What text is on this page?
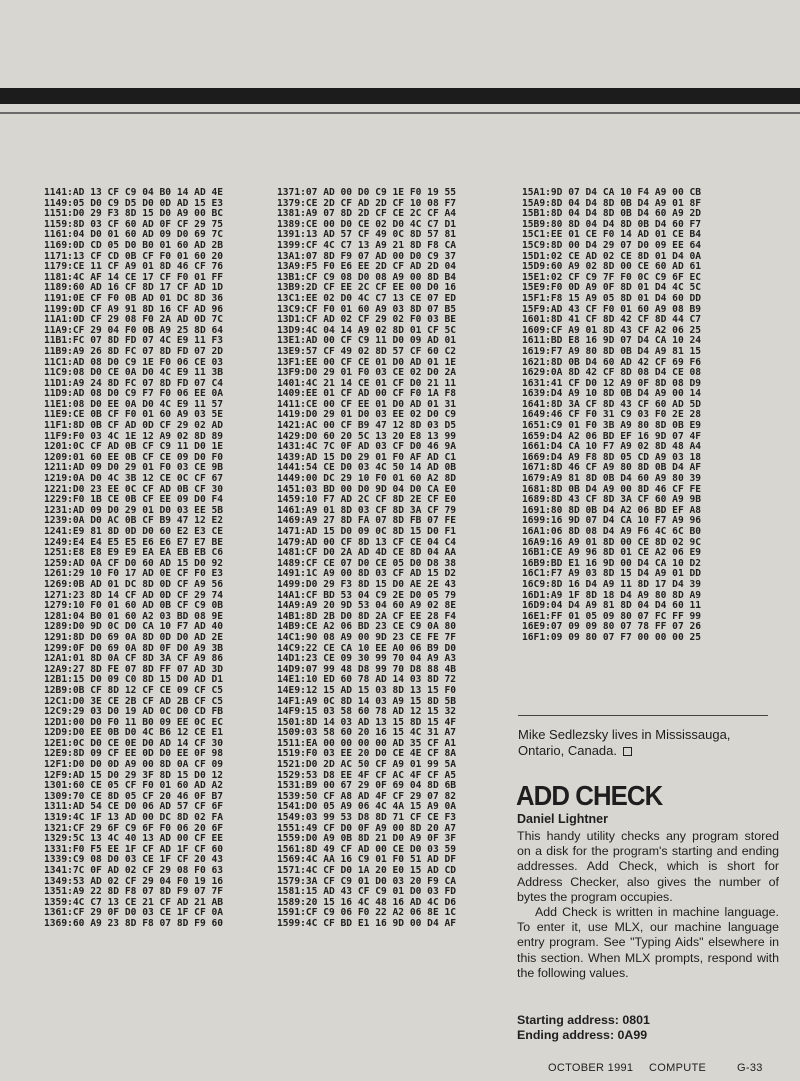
1141:AD 13 CF C9 04 B0 14 AD 4E
1149:05 D0 C9 D5 D0 0D AD 15 E3
1151:D0 29 F3 8D 15 D0 A9 00 BC
1159:8D 03 CF 60 AD 0F CF 29 75
1161:04 D0 01 60 AD 09 D0 69 7C
1169:0D CD 05 D0 B0 01 60 AD 2B
1171:13 CF CD 0B CF F0 01 60 20
1179:CE 11 CF A9 01 8D 46 CF 76
1181:4C AF 14 CE 17 CF F0 01 FF
1189:60 AD 16 CF 8D 17 CF AD 1D
1191:0E CF F0 0B AD 01 DC 8D 36
1199:0D CF A9 91 8D 16 CF AD 96
11A1:0D CF 29 08 F0 2A AD 0D 7C
11A9:CF 29 04 F0 0B A9 25 8D 64
11B1:FC 07 8D FD 07 4C E9 11 F3
11B9:A9 26 8D FC 07 8D FD 07 2D
11C1:AD 08 D0 C9 1E F0 06 CE 03
11C9:08 D0 CE 0A D0 4C E9 11 3B
11D1:A9 24 8D FC 07 8D FD 07 C4
11D9:AD 08 D0 C9 F7 F0 06 EE 0A
11E1:08 D0 EE 0A D0 4C E9 11 57
11E9:CE 0B CF F0 01 60 A9 03 5E
11F1:8D 0B CF AD 0D CF 29 02 AD
11F9:F0 03 4C 1E 12 A9 02 8D 89
1201:0C CF AD 0B CF C9 11 D0 1E
1209:01 60 EE 0B CF CE 09 D0 F0
1211:AD 09 D0 29 01 F0 03 CE 9B
1219:0A D0 4C 3B 12 CE 0C CF 67
1221:D0 23 EE 0C CF AD 0B CF 30
1229:F0 1B CE 0B CF EE 09 D0 F4
1231:AD 09 D0 29 01 D0 03 EE 5B
1239:0A D0 AC 0B CF B9 47 12 E2
1241:E9 81 8D 0D D0 60 E2 E3 CE
1249:E4 E4 E5 E5 E6 E6 E7 E7 BE
1251:E8 E8 E9 E9 EA EA EB EB C6
1259:AD 0A CF D0 60 AD 15 D0 92
1261:29 10 F0 17 AD 0E CF F0 E3
1269:0B AD 01 DC 8D 0D CF A9 56
1271:23 8D 14 CF AD 0D CF 29 74
1279:10 F0 01 60 AD 0B CF C9 0B
1281:04 B0 01 60 A2 03 BD 08 9E
1289:D0 9D 0C D0 CA 10 F7 AD 40
1291:8D D0 69 0A 8D 0D D0 AD 2E
1299:0F D0 69 0A 8D 0F D0 A9 3B
12A1:01 8D 0A CF 8D 3A CF A9 86
12A9:27 8D FE 07 8D FF 07 AD 3D
12B1:15 D0 09 C0 8D 15 D0 AD D1
12B9:0B CF 8D 12 CF CE 09 CF C5
12C1:D0 3E CE 2B CF AD 2B CF C5
12C9:29 03 D0 19 AD 0C D0 CD FB
12D1:00 D0 F0 11 B0 09 EE 0C EC
12D9:D0 EE 0B D0 4C B6 12 CE E1
12E1:0C D0 CE 0E D0 AD 14 CF 30
12E9:8D 09 CF EE 0D D0 EE 0F 98
12F1:D0 D0 0D A9 00 8D 0A CF 09
12F9:AD 15 D0 29 3F 8D 15 D0 12
1301:60 CE 05 CF F0 01 60 AD A2
1309:70 CE 8D 05 CF 20 46 0F B7
1311:AD 54 CE D0 06 AD 57 CF 6F
1319:4C 1F 13 AD 00 DC 8D 02 FA
1321:CF 29 6F C9 6F F0 06 20 6F
1329:5C 13 4C 40 13 AD 00 CF EE
1331:F0 F5 EE 1F CF AD 1F CF 60
1339:C9 08 D0 03 CE 1F CF 20 43
1341:7C 0F AD 02 CF 29 08 F0 63
1349:53 AD 02 CF 29 04 F0 19 16
1351:A9 22 8D F8 07 8D F9 07 7F
1359:4C C7 13 CE 21 CF AD 21 AB
1361:CF 29 0F D0 03 CE 1F CF 0A
1369:60 A9 23 8D F8 07 8D F9 60
1371:07 AD 00 D0 C9 1E F0 19 55
1379:CE 2D CF AD 2D CF 10 08 F7
1381:A9 07 8D 2D CF CE 2C CF A4
1389:CE 00 D0 CE 02 D0 4C C7 D1
1391:13 AD 57 CF 49 0C 8D 57 81
1399:CF 4C C7 13 A9 21 8D F8 CA
13A1:07 8D F9 07 AD 00 D0 C9 37
13A9:F5 F0 E6 EE 2D CF AD 2D 04
13B1:CF C9 08 D0 08 A9 00 8D B4
13B9:2D CF EE 2C CF EE 00 D0 16
13C1:EE 02 D0 4C C7 13 CE 07 ED
13C9:CF F0 01 60 A9 03 8D 07 B5
13D1:CF AD 02 CF 29 02 F0 03 BE
13D9:4C 04 14 A9 02 8D 01 CF 5C
13E1:AD 00 CF C9 11 D0 09 AD 01
13E9:57 CF 49 02 8D 57 CF 60 C2
13F1:EE 00 CF CE 01 D0 AD 01 1E
13F9:D0 29 01 F0 03 CE 02 D0 2A
1401:4C 21 14 CE 01 CF D0 21 11
1409:EE 01 CF AD 00 CF F0 1A F8
1411:CE 00 CF EE 01 D0 AD 01 31
1419:D0 29 01 D0 03 EE 02 D0 C9
1421:AC 00 CF B9 47 12 8D 03 D5
1429:D0 60 20 5C 13 20 E8 13 99
1431:4C 7C 0F AD 03 CF D0 46 9A
1439:AD 15 D0 29 01 F0 AF AD C1
1441:54 CE D0 03 4C 50 14 AD 0B
1449:00 DC 29 10 F0 01 60 A2 8D
1451:03 BD 00 D0 9D 04 D0 CA E0
1459:10 F7 AD 2C CF 8D 2E CF E0
1461:A9 01 8D 03 CF 8D 3A CF 79
1469:A9 27 8D FA 07 8D FB 07 FE
1471:AD 15 D0 09 0C 8D 15 D0 F1
1479:AD 00 CF 8D 13 CF CE 04 C4
1481:CF D0 2A AD 4D CE 8D 04 AA
1489:CF CE 07 D0 CE 05 D0 D8 38
1491:1C A9 00 8D 03 CF AD 15 D2
1499:D0 29 F3 8D 15 D0 AE 2E 43
14A1:CF BD 53 04 C9 2E D0 05 79
14A9:A9 20 9D 53 04 60 A9 02 8E
14B1:8D 2B D0 8D 2A CF EE 28 F4
14B9:CE A2 06 BD 23 CE C9 0A 80
14C1:90 08 A9 00 9D 23 CE FE 7F
14C9:22 CE CA 10 EE A0 06 B9 D0
14D1:23 CE 09 30 99 70 04 A9 A3
14D9:07 99 48 D8 99 70 D8 88 4B
14E1:10 ED 60 78 AD 14 03 8D 72
14E9:12 15 AD 15 03 8D 13 15 F0
14F1:A9 0C 8D 14 03 A9 15 8D 5B
14F9:15 03 58 60 78 AD 12 15 32
1501:8D 14 03 AD 13 15 8D 15 4F
1509:03 58 60 20 16 15 4C 31 A7
1511:EA 00 00 00 00 AD 35 CF A1
1519:F0 03 EE 20 D0 CE 4E CF 8A
1521:D0 2D AC 50 CF A9 01 99 5A
1529:53 D8 EE 4F CF AC 4F CF A5
1531:B9 00 67 29 0F 69 04 8D 6B
1539:50 CF A8 AD 4F CF 29 07 82
1541:D0 05 A9 06 4C 4A 15 A9 0A
1549:03 99 53 D8 8D 71 CF CE F3
1551:49 CF D0 0F A9 00 8D 20 A7
1559:D0 A9 0B 8D 21 D0 A9 0F 3F
1561:8D 49 CF AD 00 CE D0 03 59
1569:4C AA 16 C9 01 F0 51 AD DF
1571:4C CF D0 1A 20 E0 15 AD CD
1579:3A CF C9 01 D0 03 20 F9 CA
1581:15 AD 43 CF C9 01 D0 03 FD
1589:20 15 16 4C 48 16 AD 4C D6
1591:CF C9 06 F0 22 A2 06 8E 1C
1599:4C CF BD E1 16 9D 00 D4 AF
15A1:9D 07 D4 CA 10 F4 A9 00 CB
15A9:8D 04 D4 8D 0B D4 A9 01 8F
15B1:8D 04 D4 8D 0B D4 60 A9 2D
15B9:80 8D 04 D4 8D 0B D4 60 F7
15C1:EE 01 CE F0 14 AD 01 CE B4
15C9:8D 00 D4 29 07 D0 09 EE 64
15D1:02 CE AD 02 CE 8D 01 D4 0A
15D9:60 A9 02 8D 00 CE 60 AD 61
15E1:02 CF C9 7F F0 0C C9 6F EC
15E9:F0 0D A9 0F 8D 01 D4 4C 5C
15F1:F8 15 A9 05 8D 01 D4 60 DD
15F9:AD 43 CF F0 01 60 A9 08 B9
1601:8D 41 CF 8D 42 CF 8D 44 C7
1609:CF A9 01 8D 43 CF A2 06 25
1611:BD E8 16 9D 07 D4 CA 10 24
1619:F7 A9 80 8D 0B D4 A9 81 15
1621:8D 0B D4 60 AD 42 CF 69 F6
1629:0A 8D 42 CF 8D 08 D4 CE 08
1631:41 CF D0 12 A9 0F 8D 08 D9
1639:D4 A9 10 8D 0B D4 A9 00 14
1641:8D 3A CF 8D 43 CF 60 AD 5D
1649:46 CF F0 31 C9 03 F0 2E 28
1651:C9 01 F0 3B A9 80 8D 0B E9
1659:D4 A2 06 BD EF 16 9D 07 4F
1661:D4 CA 10 F7 A9 02 8D 48 A4
1669:D4 A9 F8 8D 05 CD A9 03 18
1671:8D 46 CF A9 80 8D 0B D4 AF
1679:A9 81 8D 0B D4 60 A9 80 39
1681:8D 0B D4 A9 00 8D 46 CF FE
1689:8D 43 CF 8D 3A CF 60 A9 9B
1691:80 8D 0B D4 A2 06 BD EF A8
1699:16 9D 07 D4 CA 10 F7 A9 96
16A1:06 8D 08 D4 A9 F6 4C 6C B0
16A9:16 A9 01 8D 00 CE 8D 02 9C
16B1:CE A9 96 8D 01 CE A2 06 E9
16B9:BD E1 16 9D 00 D4 CA 10 D2
16C1:F7 A9 03 8D 15 D4 A9 01 DD
16C9:8D 16 D4 A9 11 8D 17 D4 39
16D1:A9 1F 8D 18 D4 A9 80 8D A9
16D9:04 D4 A9 81 8D 04 D4 60 11
16E1:FF 01 05 09 80 07 FC FF 99
16E9:07 09 09 80 07 78 FF 07 26
16F1:09 09 80 07 F7 00 00 00 25
Mike Sedlezsky lives in Mississauga, Ontario, Canada.
ADD CHECK
Daniel Lightner

This handy utility checks any program stored on a disk for the program's starting and ending addresses. Add Check, which is short for Address Checker, also gives the number of bytes the program occupies.

Add Check is written in machine language. To enter it, use MLX, our machine language entry program. See "Typing Aids" elsewhere in this section. When MLX prompts, respond with the following values.

Starting address: 0801
Ending address: 0A99
OCTOBER 1991 COMPUTE	G-33
